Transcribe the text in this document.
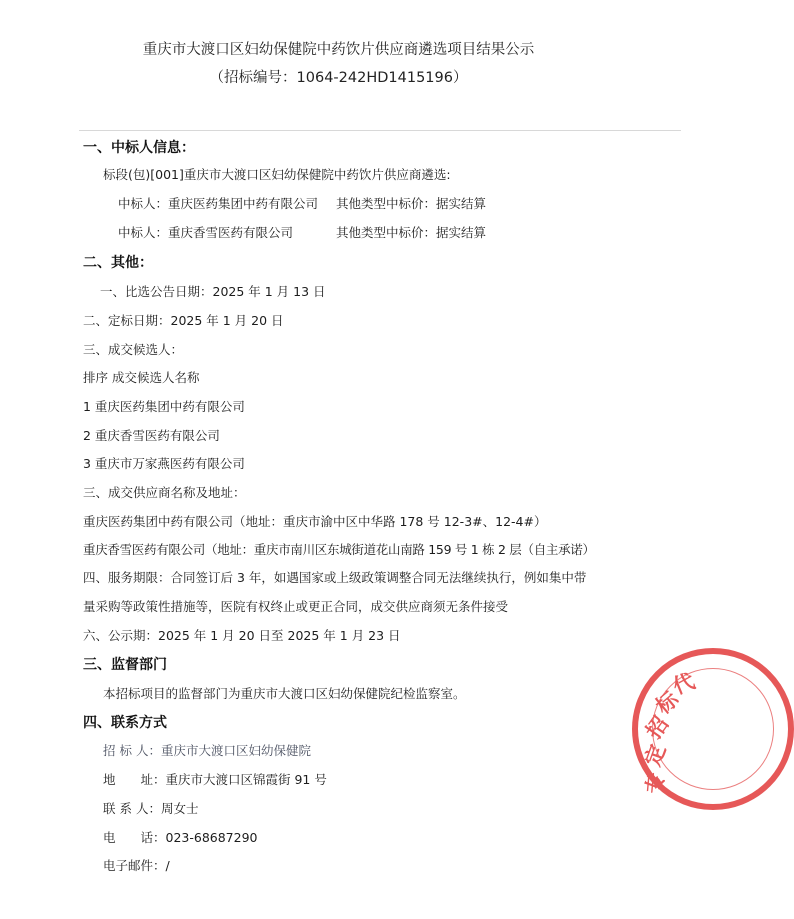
重庆市大渡口区妇幼保健院中药饮片供应商遴选项目结果公示
（招标编号：1064-242HD1415196）
一、中标人信息：
标段(包)[001]重庆市大渡口区妇幼保健院中药饮片供应商遴选:
中标人：重庆医药集团中药有限公司 其他类型中标价：据实结算
中标人：重庆香雪医药有限公司	其他类型中标价：据实结算
二、其他：
一、比选公告日期：2025 年 1 月 13 日
二、定标日期：2025 年 1 月 20 日
三、成交候选人：
排序 成交候选人名称
1 重庆医药集团中药有限公司
2 重庆香雪医药有限公司
3 重庆市万家燕医药有限公司
三、成交供应商名称及地址：
重庆医药集团中药有限公司（地址：重庆市渝中区中华路 178 号 12-3#、12-4#）
重庆香雪医药有限公司（地址：重庆市南川区东城街道花山南路 159 号 1 栋 2 层（自主承诺）
四、服务期限：合同签订后 3 年，如遇国家或上级政策调整合同无法继续执行，例如集中带
量采购等政策性措施等，医院有权终止或更正合同，成交供应商须无条件接受
六、公示期：2025 年 1 月 20 日至 2025 年 1 月 23 日
三、监督部门
本招标项目的监督部门为重庆市大渡口区妇幼保健院纪检监察室。
四、联系方式
招 标 人：重庆市大渡口区妇幼保健院
地　　址：重庆市大渡口区锦霞街 91 号
联 系 人：周女士
电　　话：023-68687290
电子邮件：/
定
招
标
代
专
